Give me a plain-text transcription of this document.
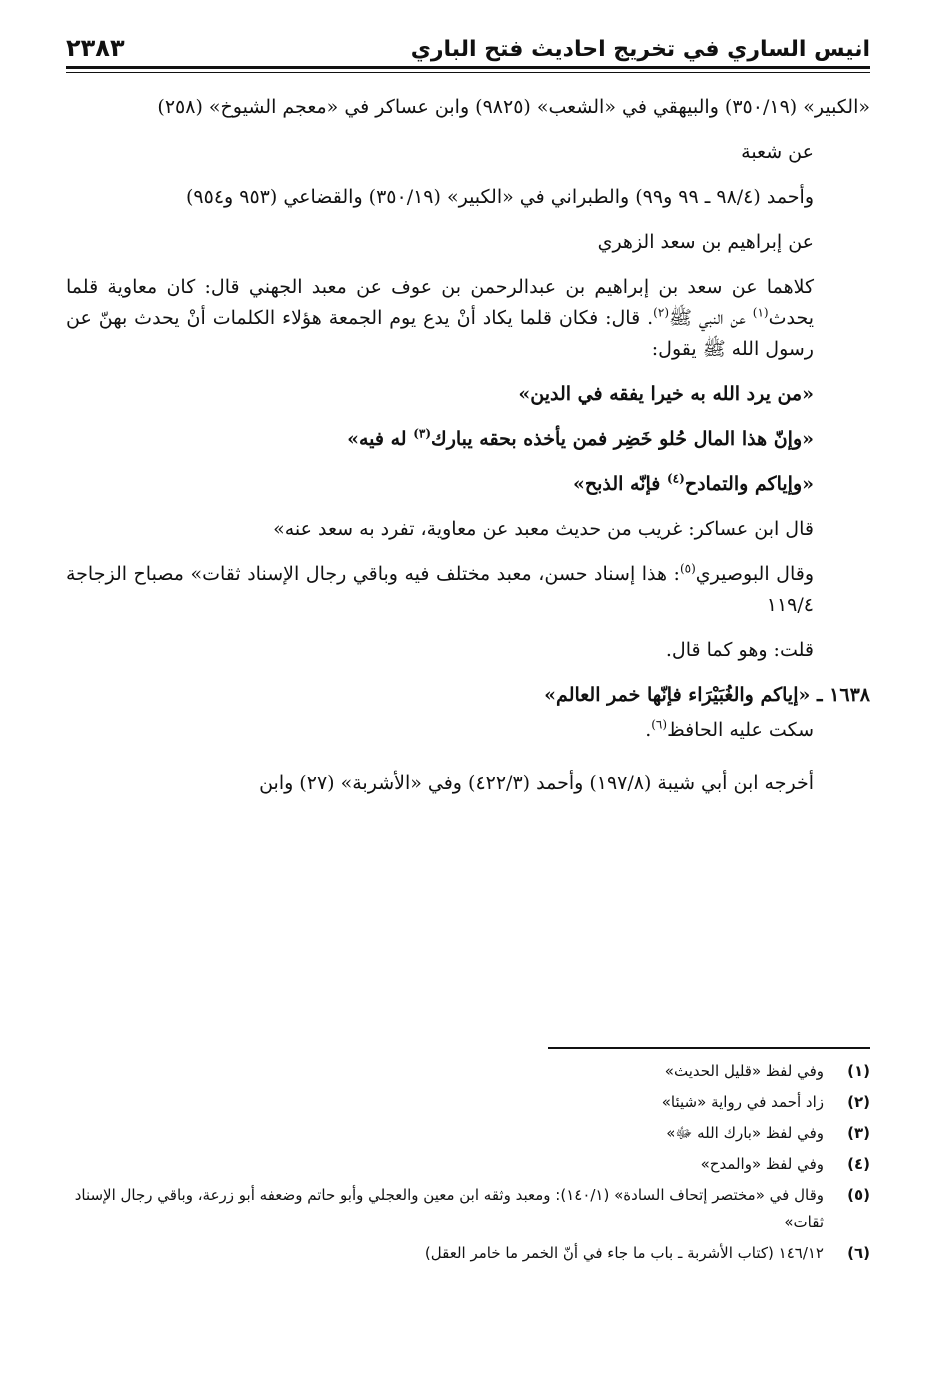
انيس الساري في تخريج احاديث فتح الباري
٢٣٨٣

«الكبير» (٣٥٠/١٩) والبيهقي في «الشعب» (٩٨٢٥) وابن عساكر في «معجم الشيوخ» (٢٥٨)

عن شعبة

وأحمد (٩٨/٤ ـ ٩٩ و٩٩) والطبراني في «الكبير» (٣٥٠/١٩) والقضاعي (٩٥٣ و٩٥٤)

عن إبراهيم بن سعد الزهري

كلاهما عن سعد بن إبراهيم بن عبدالرحمن بن عوف عن معبد الجهني قال: كان معاوية قلما يحدث$^{(١)}$ عن النبي ﷺ$^{(٢)}$. قال: فكان قلما يكاد أنْ يدع يوم الجمعة هؤلاء الكلمات أنْ يحدث بهنّ عن رسول الله ﷺ يقول:

«من يرد الله به خيرا يفقه في الدين»

«وإنّ هذا المال حُلو خَضِر فمن يأخذه بحقه يبارك$^{(٣)}$ له فيه»

«وإياكم والتمادح$^{(٤)}$ فإنّه الذبح»

قال ابن عساكر: غريب من حديث معبد عن معاوية، تفرد به سعد عنه»

وقال البوصيري$^{(٥)}$: هذا إسناد حسن، معبد مختلف فيه وباقي رجال الإسناد ثقات» مصباح الزجاجة ١١٩/٤

قلت: وهو كما قال.

١٦٣٨ ـ «إياكم والغُبَيْرَاء فإنّها خمر العالم»

سكت عليه الحافظ$^{(٦)}$.

أخرجه ابن أبي شيبة (١٩٧/٨) وأحمد (٤٢٢/٣) وفي «الأشربة» (٢٧) وابن

(١)
وفي لفظ «قليل الحديث»
(٢)
زاد أحمد في رواية «شيئا»
(٣)
وفي لفظ «بارك الله ﷻ»
(٤)
وفي لفظ «والمدح»
(٥)
وقال في «مختصر إتحاف السادة» (١٤٠/١): ومعبد وثقه ابن معين والعجلي وأبو حاتم وضعفه أبو زرعة، وباقي رجال الإسناد ثقات»
(٦)
١٤٦/١٢ (كتاب الأشربة ـ باب ما جاء في أنّ الخمر ما خامر العقل)
